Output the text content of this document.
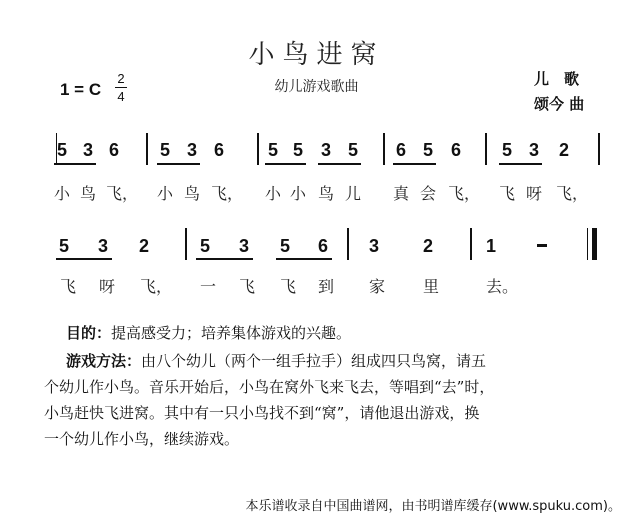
小鸟进窝
幼儿游戏歌曲
1 = C
2
4
儿　歌
颂今 曲
5 3 6 5 3 6 5 5 3 5 6 5 6 5 3 2
小 鸟 飞， 小 鸟 飞， 小 小 鸟 儿 真 会 飞， 飞 呀 飞，
5 3 2	5 3 5 6 3 2	1
飞 呀 飞， 一 飞 飞 到 家 里	去。
目的：提高感受力；培养集体游戏的兴趣。
游戏方法：由八个幼儿（两个一组手拉手）组成四只鸟窝，请五
个幼儿作小鸟。音乐开始后，小鸟在窝外飞来飞去，等唱到“去”时，
小鸟赶快飞进窝。其中有一只小鸟找不到“窝”，请他退出游戏，换
一个幼儿作小鸟，继续游戏。
本乐谱收录自中国曲谱网，由书明谱库缓存(www.spuku.com)。
